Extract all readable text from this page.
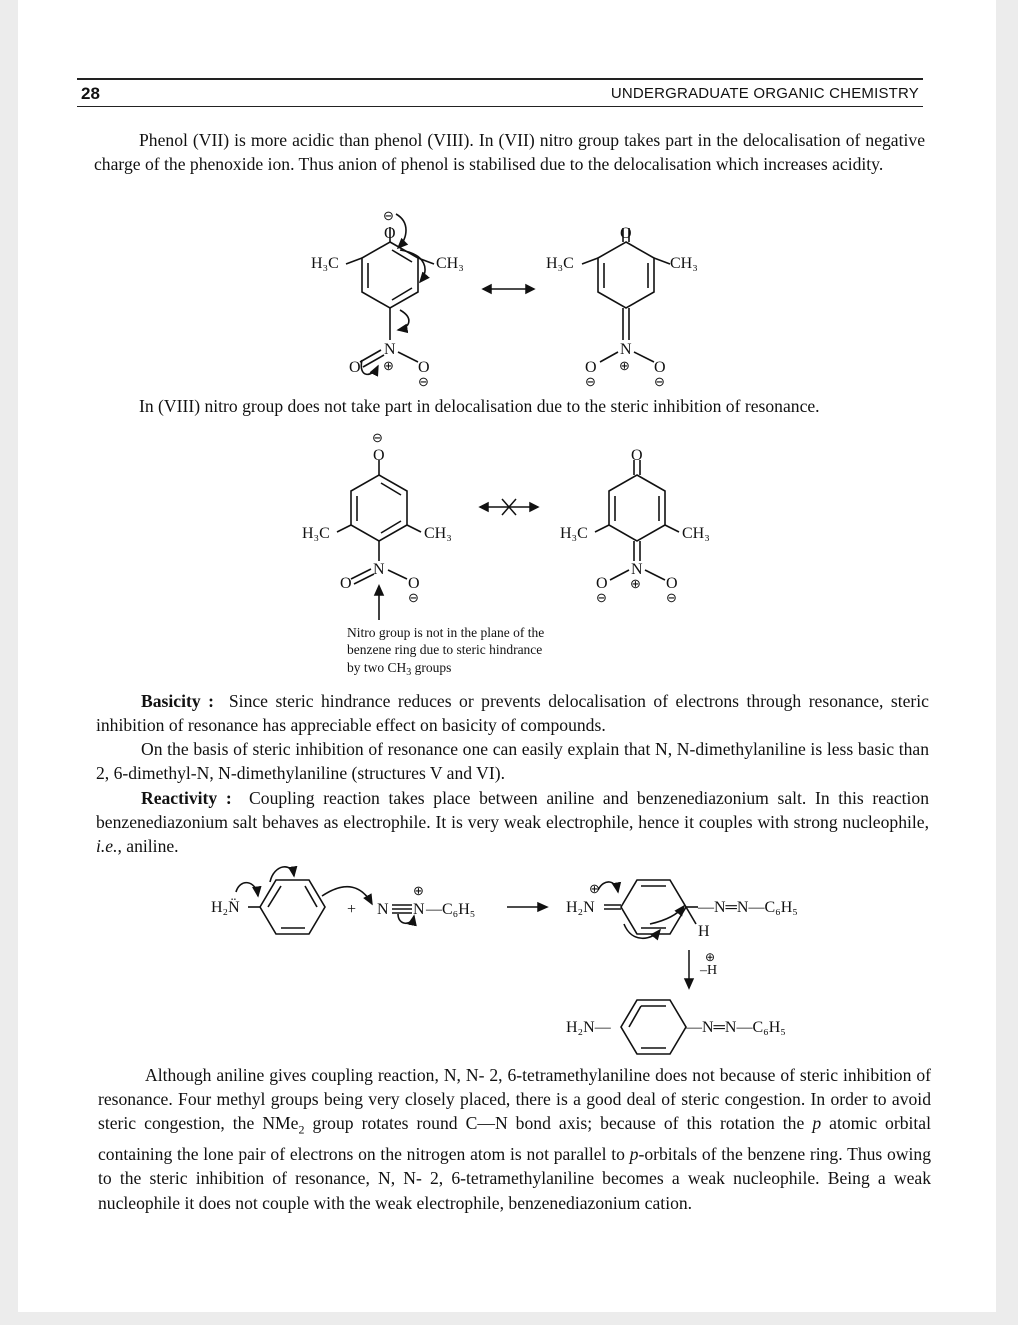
28	UNDERGRADUATE ORGANIC CHEMISTRY

Phenol (VII) is more acidic than phenol (VIII). In (VII) nitro group takes part in the delocalisation of negative charge of the phenoxide ion. Thus anion of phenol is stabilised due to the delocalisation which increases acidity.

In (VIII) nitro group does not take part in delocalisation due to the steric inhibition of resonance.

Basicity : Since steric hindrance reduces or prevents delocalisation of electrons through resonance, steric inhibition of resonance has appreciable effect on basicity of compounds.

On the basis of steric inhibition of resonance one can easily explain that N, N-dimethylaniline is less basic than 2, 6-dimethyl-N, N-dimethylaniline (structures V and VI).

Reactivity : Coupling reaction takes place between aniline and benzenediazonium salt. In this reaction benzenediazonium salt behaves as electrophile. It is very weak electrophile, hence it couples with strong nucleophile, i.e., aniline.

Although aniline gives coupling reaction, N, N- 2, 6-tetramethylaniline does not because of steric inhibition of resonance. Four methyl groups being very closely placed, there is a good deal of steric congestion. In order to avoid steric congestion, the NMe$_2$ group rotates round C—N bond axis; because of this rotation the p atomic orbital containing the lone pair of electrons on the nitrogen atom is not parallel to p-orbitals of the benzene ring. Thus owing to the steric inhibition of resonance, N, N- 2, 6-tetramethylaniline becomes a weak nucleophile. Being a weak nucleophile it does not couple with the weak electrophile, benzenediazonium cation.

O
⊖
H₃C	CH₃
N
⊕
O	O
⊖
O
H₃C	CH₃
N
⊕
O
⊖
O
⊖
O
⊖
H₃C	CH₃
N
O	O
⊖
O
H₃C	CH₃
N
⊕
O
⊖
O
⊖
Nitro group is not in the plane of the
benzene ring due to steric hindrance
by two $CH_3$ groups
H₂N̈	+ N N
⊕
—C₆H₅	H₂N
⊕
—N═N—C₆H₅
H
⊕
–H
H₂N—	—N═N—C₆H₅
